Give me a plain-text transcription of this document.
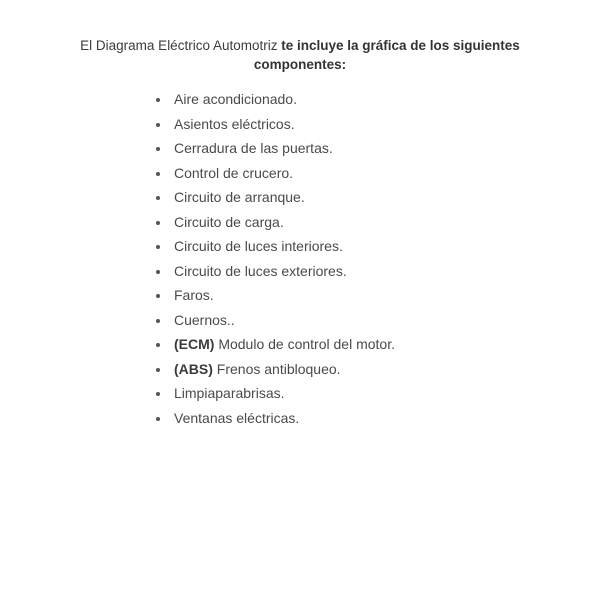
El Diagrama Eléctrico Automotriz te incluye la gráfica de los siguientes componentes:
Aire acondicionado.
Asientos eléctricos.
Cerradura de las puertas.
Control de crucero.
Circuito de arranque.
Circuito de carga.
Circuito de luces interiores.
Circuito de luces exteriores.
Faros.
Cuernos..
(ECM) Modulo de control del motor.
(ABS) Frenos antibloqueo.
Limpiaparabrisas.
Ventanas eléctricas.
